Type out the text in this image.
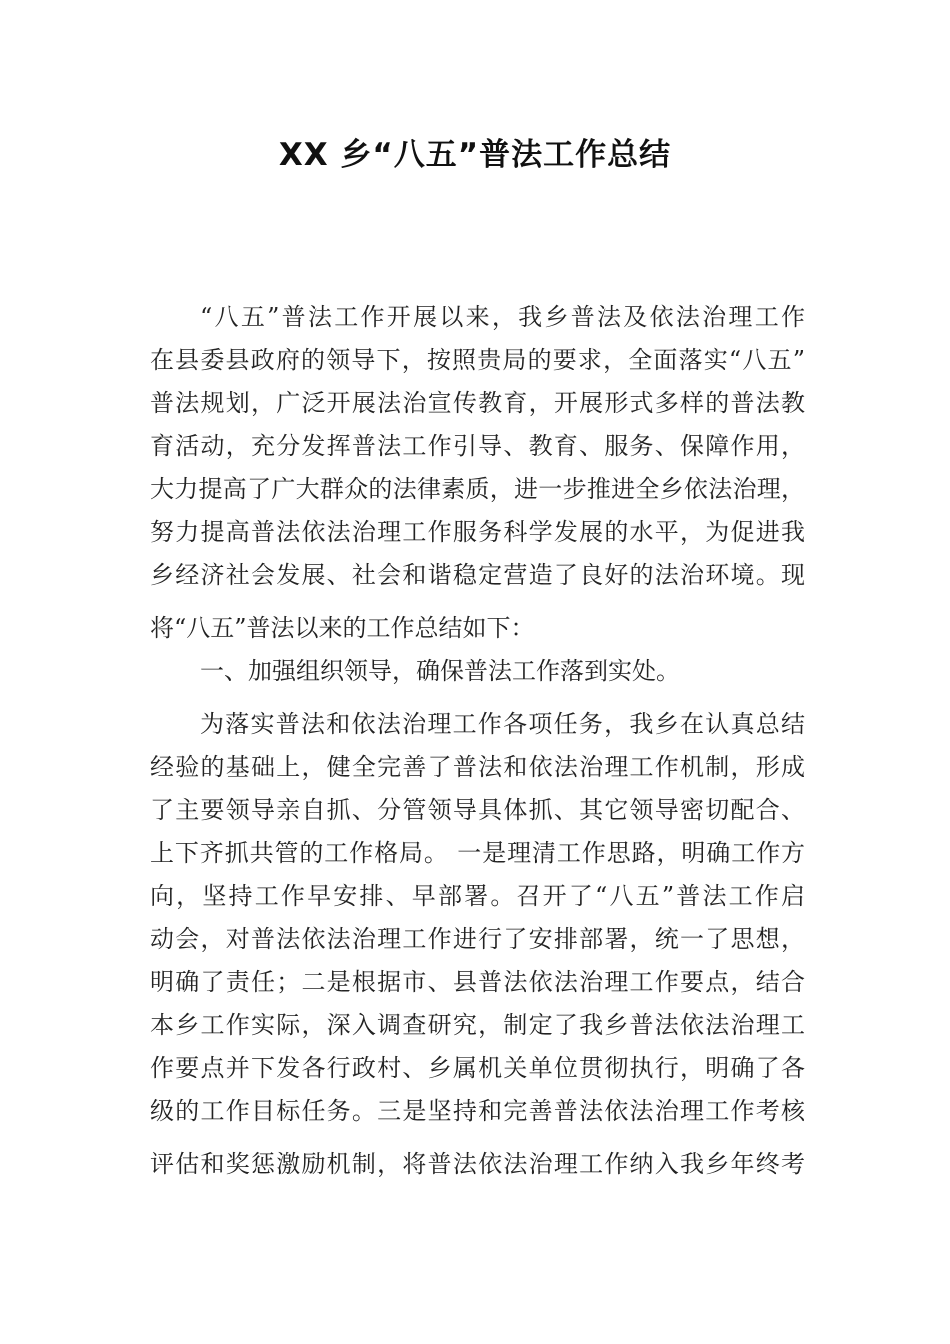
XX 乡“八五”普法工作总结
“八五”普法工作开展以来，我乡普法及依法治理工作
在县委县政府的领导下，按照贵局的要求，全面落实“八五”
普法规划，广泛开展法治宣传教育，开展形式多样的普法教
育活动，充分发挥普法工作引导、教育、服务、保障作用，
大力提高了广大群众的法律素质，进一步推进全乡依法治理，
努力提高普法依法治理工作服务科学发展的水平，为促进我
乡经济社会发展、社会和谐稳定营造了良好的法治环境。现
将“八五”普法以来的工作总结如下：
一、加强组织领导，确保普法工作落到实处。
为落实普法和依法治理工作各项任务，我乡在认真总结
经验的基础上，健全完善了普法和依法治理工作机制，形成
了主要领导亲自抓、分管领导具体抓、其它领导密切配合、
上下齐抓共管的工作格局。 一是理清工作思路，明确工作方
向，坚持工作早安排、早部署。召开了“八五”普法工作启
动会，对普法依法治理工作进行了安排部署，统一了思想，
明确了责任；二是根据市、县普法依法治理工作要点，结合
本乡工作实际，深入调查研究，制定了我乡普法依法治理工
作要点并下发各行政村、乡属机关单位贯彻执行，明确了各
级的工作目标任务。三是坚持和完善普法依法治理工作考核
评估和奖惩激励机制，将普法依法治理工作纳入我乡年终考
